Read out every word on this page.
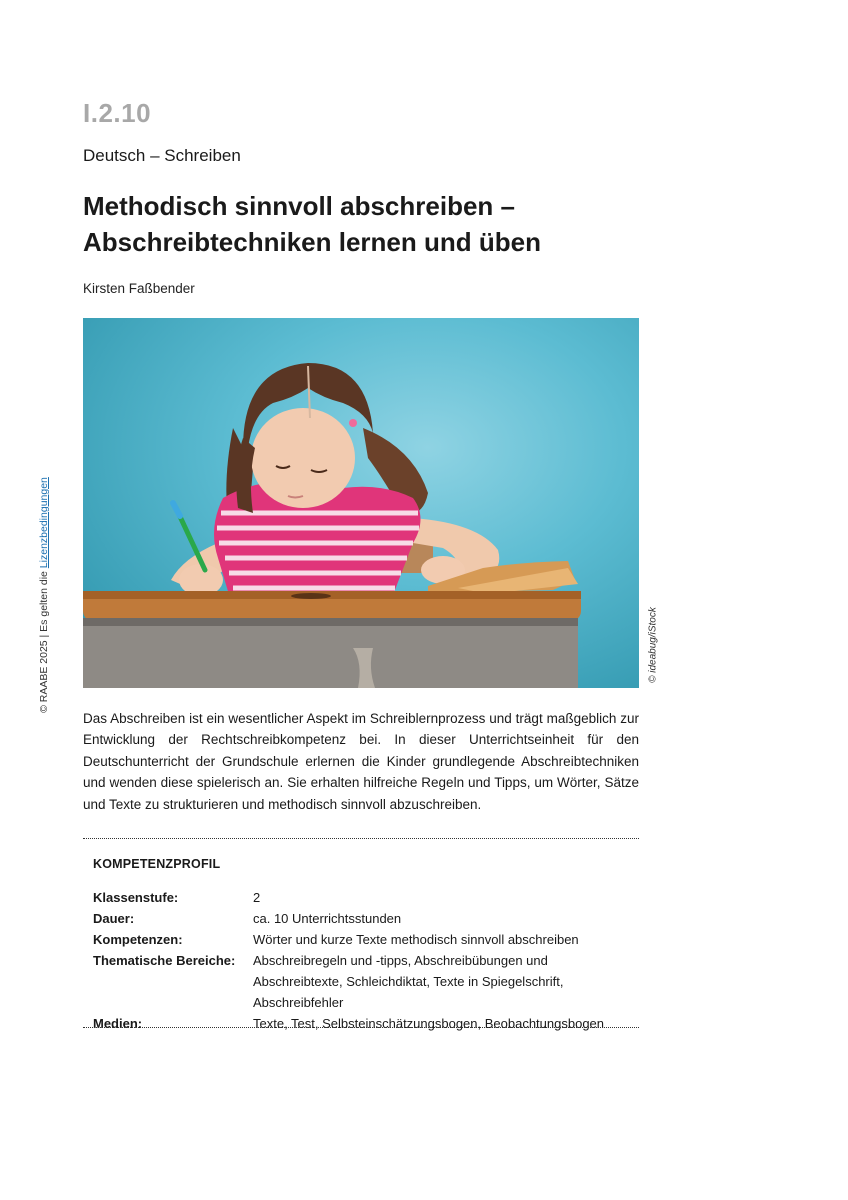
© RAABE 2025 | Es gelten die Lizenzbedingungen
I.2.10
Deutsch – Schreiben
Methodisch sinnvoll abschreiben –
Abschreibtechniken lernen und üben
Kirsten Faßbender
© ideabug/iStock
Das Abschreiben ist ein wesentlicher Aspekt im Schreiblernprozess und trägt maßgeblich zur Entwicklung der Rechtschreibkompetenz bei. In dieser Unterrichtseinheit für den Deutschunterricht der Grundschule erlernen die Kinder grundlegende Abschreibtechniken und wenden diese spielerisch an. Sie erhalten hilfreiche Regeln und Tipps, um Wörter, Sätze und Texte zu strukturieren und methodisch sinnvoll abzuschreiben.
KOMPETENZPROFIL
Klassenstufe:	2
Dauer:	ca. 10 Unterrichtsstunden
Kompetenzen:	Wörter und kurze Texte methodisch sinnvoll abschreiben
Thematische Bereiche:	Abschreibregeln und -tipps, Abschreibübungen und Abschreibtexte, Schleichdiktat, Texte in Spiegelschrift, Abschreibfehler
Medien:	Texte, Test, Selbsteinschätzungsbogen, Beobachtungsbogen
